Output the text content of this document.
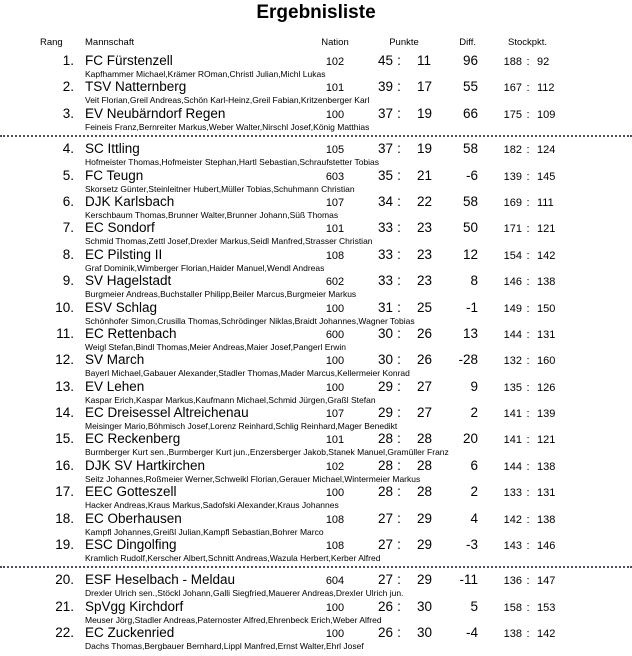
Ergebnisliste
Rang	Mannschaft	Nation	Punkte	Diff.	Stockpkt.
1. FC Fürstenzell	102	45 :	11	96	188 : 92
Kapfhammer Michael,Krämer ROman,Christl Julian,Michl Lukas
2. TSV Natternberg	101	39 :	17	55	167 : 112
Veit Florian,Greil Andreas,Schön Karl-Heinz,Greil Fabian,Kritzenberger Karl
3. EV Neubärndorf Regen	100	37 :	19	66	175 : 109
Feineis Franz,Bernreiter Markus,Weber Walter,Nirschl Josef,König Matthias
4. SC Ittling	105	37 :	19	58	182 : 124
Hofmeister Thomas,Hofmeister Stephan,Hartl Sebastian,Schraufstetter Tobias
5. FC Teugn	603	35 :	21	-6	139 : 145
Skorsetz Günter,Steinleitner Hubert,Müller Tobias,Schuhmann Christian
6. DJK Karlsbach	107	34 :	22	58	169 : 111
Kerschbaum Thomas,Brunner Walter,Brunner Johann,Süß Thomas
7. EC Sondorf	101	33 :	23	50	171 : 121
Schmid Thomas,Zettl Josef,Drexler Markus,Seidl Manfred,Strasser Christian
8. EC Pilsting II	108	33 :	23	12	154 : 142
Graf Dominik,Wimberger Florian,Haider Manuel,Wendl Andreas
9. SV Hagelstadt	602	33 :	23	8	146 : 138
Burgmeier Andreas,Buchstaller Philipp,Beiler Marcus,Burgmeier Markus
10. ESV Schlag	100	31 :	25	-1	149 : 150
Schönhofer Simon,Crusilla Thomas,Schrödinger Niklas,Braidt Johannes,Wagner Tobias
11. EC Rettenbach	600	30 :	26	13	144 : 131
Weigl Stefan,Bindl Thomas,Meier Andreas,Maier Josef,Pangerl Erwin
12. SV March	100	30 :	26	-28	132 : 160
Bayerl Michael,Gabauer Alexander,Stadler Thomas,Mader Marcus,Kellermeier Konrad
13. EV Lehen	100	29 :	27	9	135 : 126
Kaspar Erich,Kaspar Markus,Kaufmann Michael,Schmid Jürgen,Graßl Stefan
14. EC Dreisessel Altreichenau	107	29 :	27	2	141 : 139
Meisinger Mario,Böhmisch Josef,Lorenz Reinhard,Schlig Reinhard,Mager Benedikt
15. EC Reckenberg	101	28 :	28	20	141 : 121
Burmberger Kurt sen.,Burmberger Kurt jun.,Enzersberger Jakob,Stanek Manuel,Gramüller Franz
16. DJK SV Hartkirchen	102	28 :	28	6	144 : 138
Seitz Johannes,Roßmeier Werner,Schweikl Florian,Gerauer Michael,Wintermeier Markus
17. EEC Gotteszell	100	28 :	28	2	133 : 131
Hacker Andreas,Kraus Markus,Sadofski Alexander,Kraus Johannes
18. EC Oberhausen	108	27 :	29	4	142 : 138
Kampfl Johannes,Greißl Julian,Kampfl Sebastian,Bohrer Marco
19. ESC Dingolfing	108	27 :	29	-3	143 : 146
Kramlich Rudolf,Kerscher Albert,Schnitt Andreas,Wazula Herbert,Kerber Alfred
20. ESF Heselbach - Meldau	604	27 :	29	-11	136 : 147
Drexler Ulrich sen.,Stöckl Johann,Galli Siegfried,Mauerer Andreas,Drexler Ulrich jun.
21. SpVgg Kirchdorf	100	26 :	30	5	158 : 153
Meuser Jörg,Stadler Andreas,Paternoster Alfred,Ehrenbeck Erich,Weber Alfred
22. EC Zuckenried	100	26 :	30	-4	138 : 142
Dachs Thomas,Bergbauer Bernhard,Lippl Manfred,Ernst Walter,Ehrl Josef
